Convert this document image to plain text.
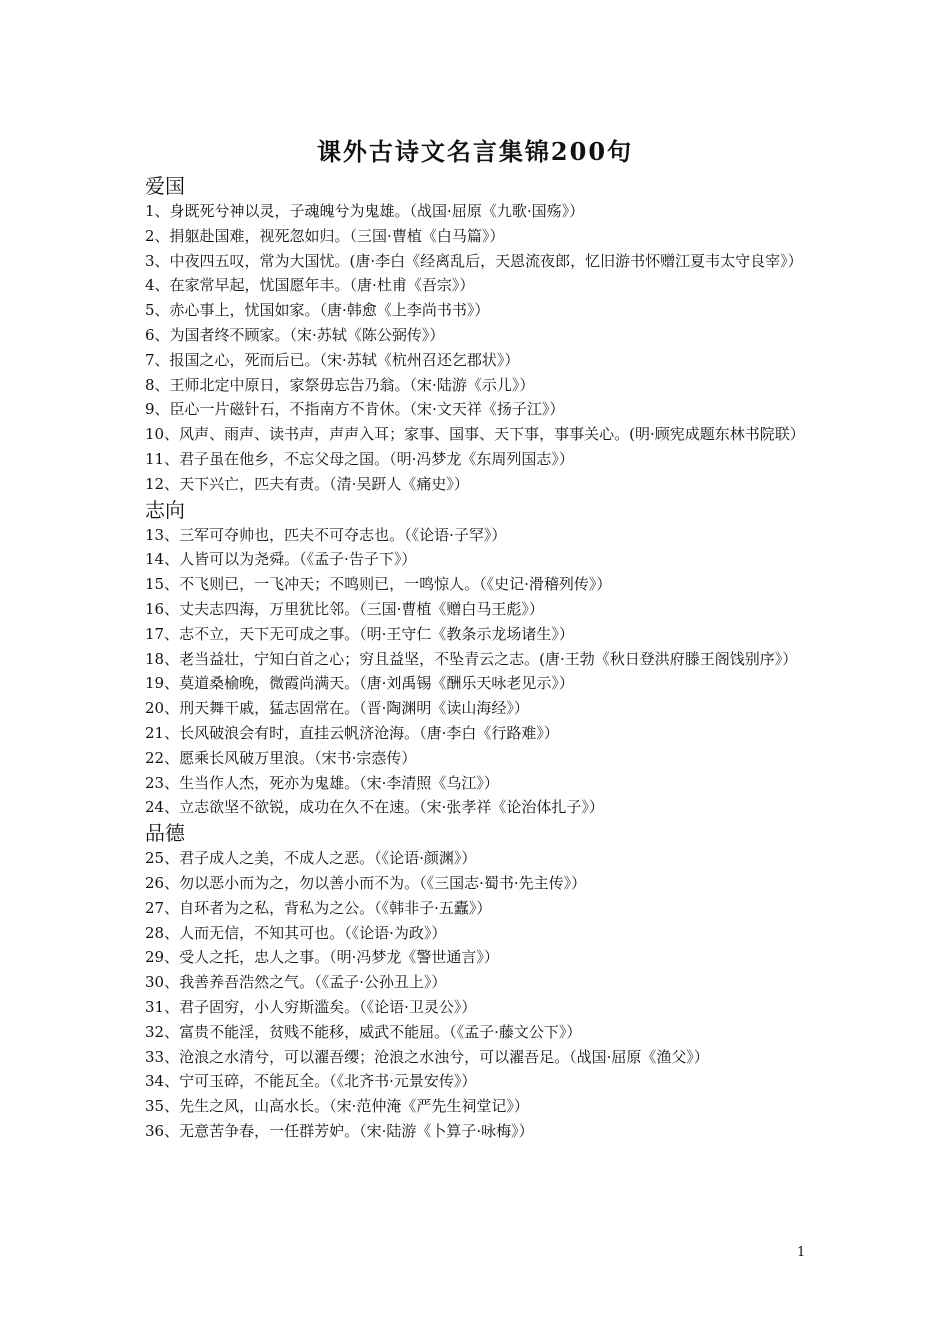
课外古诗文名言集锦200句
爱国
1、身既死兮神以灵，子魂魄兮为鬼雄。（战国·屈原《九歌·国殇》）
2、捐躯赴国难，视死忽如归。（三国·曹植《白马篇》）
3、中夜四五叹，常为大国忧。(唐·李白《经离乱后，天恩流夜郎，忆旧游书怀赠江夏韦太守良宰》）
4、在家常早起，忧国愿年丰。（唐·杜甫《吾宗》）
5、赤心事上，忧国如家。（唐·韩愈《上李尚书书》）
6、为国者终不顾家。（宋·苏轼《陈公弼传》）
7、报国之心，死而后已。（宋·苏轼《杭州召还乞郡状》）
8、王师北定中原日，家祭毋忘告乃翁。（宋·陆游《示儿》）
9、臣心一片磁针石，不指南方不肯休。（宋·文天祥《扬子江》）
10、风声、雨声、读书声，声声入耳；家事、国事、天下事，事事关心。(明·顾宪成题东林书院联）
11、君子虽在他乡，不忘父母之国。（明·冯梦龙《东周列国志》）
12、天下兴亡，匹夫有责。（清·吴趼人《痛史》）
志向
13、三军可夺帅也，匹夫不可夺志也。（《论语·子罕》）
14、人皆可以为尧舜。（《孟子·告子下》）
15、不飞则已，一飞冲天；不鸣则已，一鸣惊人。（《史记·滑稽列传》）
16、丈夫志四海，万里犹比邻。（三国·曹植《赠白马王彪》）
17、志不立，天下无可成之事。（明·王守仁《教条示龙场诸生》）
18、老当益壮，宁知白首之心；穷且益坚，不坠青云之志。(唐·王勃《秋日登洪府滕王阁饯别序》）
19、莫道桑榆晚，微霞尚满天。（唐·刘禹锡《酬乐天咏老见示》）
20、刑天舞干戚，猛志固常在。（晋·陶渊明《读山海经》）
21、长风破浪会有时，直挂云帆济沧海。（唐·李白《行路难》）
22、愿乘长风破万里浪。（宋书·宗悫传）
23、生当作人杰，死亦为鬼雄。（宋·李清照《乌江》）
24、立志欲坚不欲锐，成功在久不在速。（宋·张孝祥《论治体扎子》）
品德
25、君子成人之美，不成人之恶。（《论语·颜渊》）
26、勿以恶小而为之，勿以善小而不为。（《三国志·蜀书·先主传》）
27、自环者为之私，背私为之公。（《韩非子·五蠹》）
28、人而无信，不知其可也。（《论语·为政》）
29、受人之托，忠人之事。（明·冯梦龙《警世通言》）
30、我善养吾浩然之气。（《孟子·公孙丑上》）
31、君子固穷，小人穷斯滥矣。（《论语·卫灵公》）
32、富贵不能淫，贫贱不能移，威武不能屈。（《孟子·藤文公下》）
33、沧浪之水清兮，可以濯吾缨；沧浪之水浊兮，可以濯吾足。（战国·屈原《渔父》）
34、宁可玉碎，不能瓦全。（《北齐书·元景安传》）
35、先生之风，山高水长。（宋·范仲淹《严先生祠堂记》）
36、无意苦争春，一任群芳妒。（宋·陆游《卜算子·咏梅》）
1
